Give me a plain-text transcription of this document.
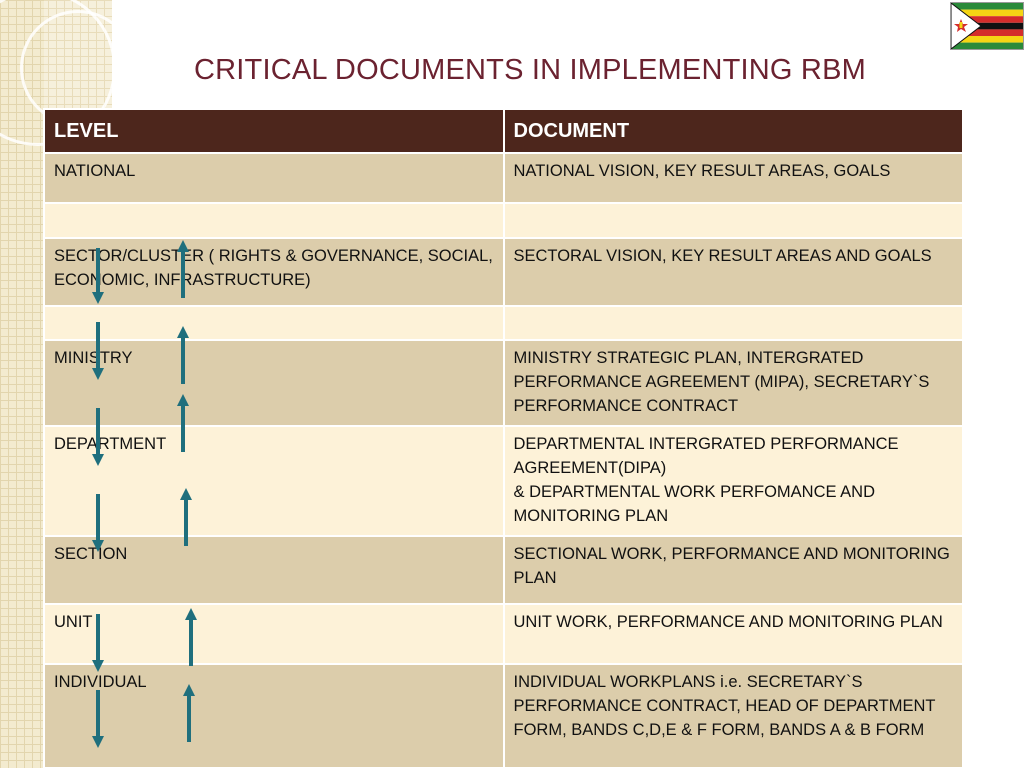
CRITICAL DOCUMENTS IN IMPLEMENTING RBM
LEVEL	DOCUMENT
NATIONAL	NATIONAL VISION, KEY RESULT AREAS, GOALS

SECTOR/CLUSTER ( RIGHTS & GOVERNANCE, SOCIAL, ECONOMIC, INFRASTRUCTURE)	SECTORAL VISION, KEY RESULT AREAS AND GOALS

MINISTRY	MINISTRY STRATEGIC PLAN, INTERGRATED PERFORMANCE AGREEMENT (MIPA), SECRETARY`S PERFORMANCE CONTRACT
DEPARTMENT	DEPARTMENTAL INTERGRATED PERFORMANCE AGREEMENT(DIPA)
& DEPARTMENTAL WORK PERFOMANCE AND MONITORING PLAN

SECTION	SECTIONAL WORK, PERFORMANCE AND MONITORING PLAN
UNIT	UNIT WORK, PERFORMANCE AND MONITORING PLAN
INDIVIDUAL	INDIVIDUAL WORKPLANS i.e. SECRETARY`S PERFORMANCE CONTRACT, HEAD OF DEPARTMENT FORM, BANDS C,D,E & F FORM, BANDS A & B FORM
